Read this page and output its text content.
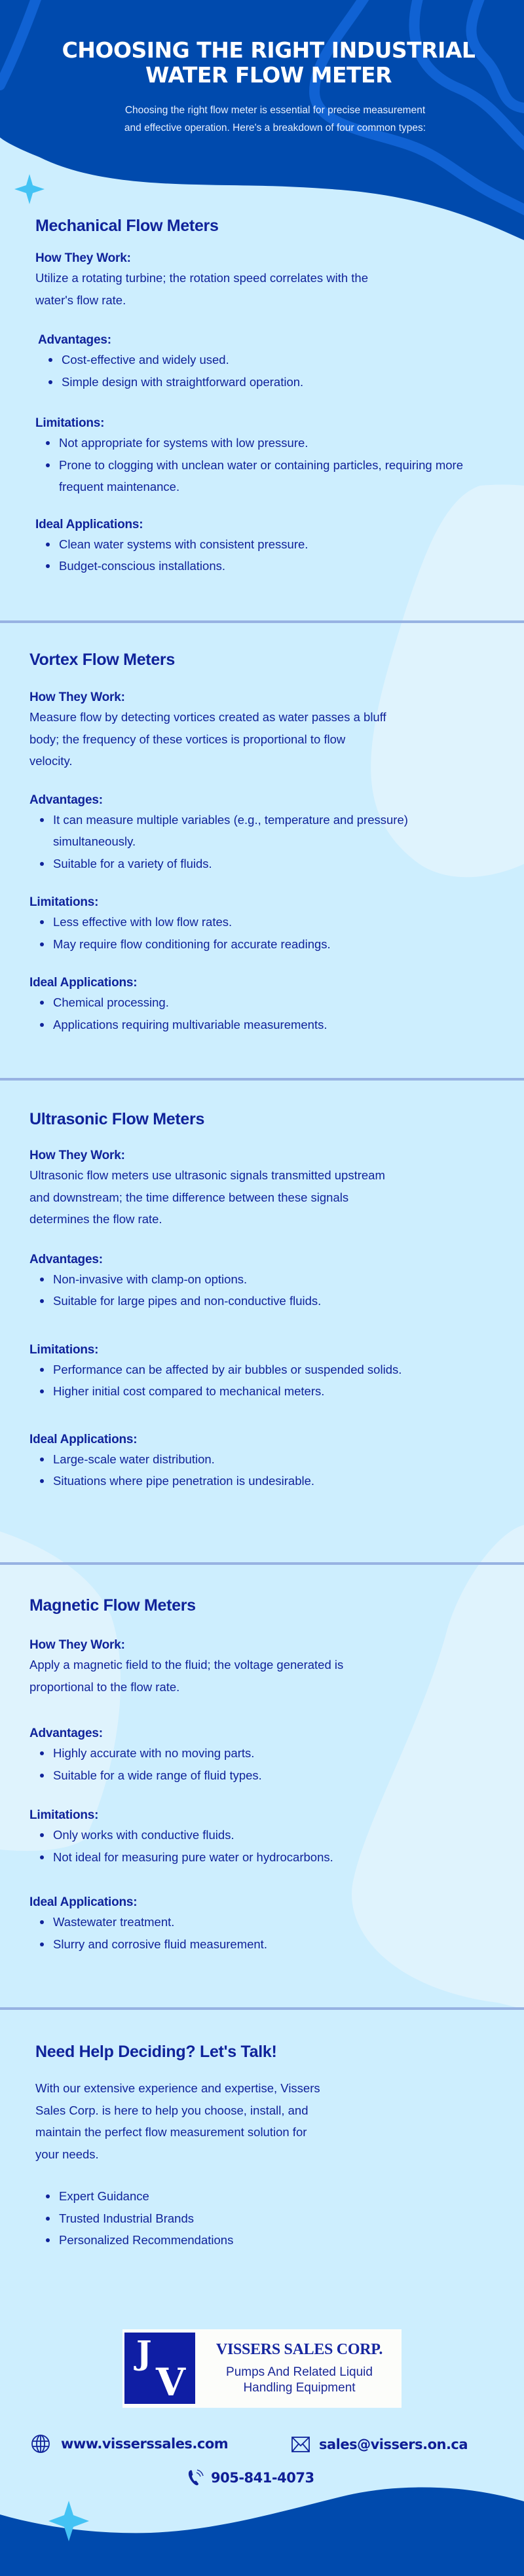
CHOOSING THE RIGHT INDUSTRIAL
WATER FLOW METER
Choosing the right flow meter is essential for precise measurement
and effective operation. Here's a breakdown of four common types:
Mechanical Flow Meters
How They Work:

Utilize a rotating turbine; the rotation speed correlates with the
water's flow rate.

Advantages:
Cost-effective and widely used.
Simple design with straightforward operation.
Limitations:
Not appropriate for systems with low pressure.
Prone to clogging with unclean water or containing particles, requiring more frequent maintenance.
Ideal Applications:
Clean water systems with consistent pressure.
Budget-conscious installations.
Vortex Flow Meters
How They Work:

Measure flow by detecting vortices created as water passes a bluff
body; the frequency of these vortices is proportional to flow
velocity.

Advantages:
It can measure multiple variables (e.g., temperature and pressure) simultaneously.
Suitable for a variety of fluids.
Limitations:
Less effective with low flow rates.
May require flow conditioning for accurate readings.
Ideal Applications:
Chemical processing.
Applications requiring multivariable measurements.
Ultrasonic Flow Meters
How They Work:

Ultrasonic flow meters use ultrasonic signals transmitted upstream
and downstream; the time difference between these signals
determines the flow rate.

Advantages:
Non-invasive with clamp-on options.
Suitable for large pipes and non-conductive fluids.
Limitations:
Performance can be affected by air bubbles or suspended solids.
Higher initial cost compared to mechanical meters.
Ideal Applications:
Large-scale water distribution.
Situations where pipe penetration is undesirable.
Magnetic Flow Meters
How They Work:

Apply a magnetic field to the fluid; the voltage generated is
proportional to the flow rate.

Advantages:
Highly accurate with no moving parts.
Suitable for a wide range of fluid types.
Limitations:
Only works with conductive fluids.
Not ideal for measuring pure water or hydrocarbons.
Ideal Applications:
Wastewater treatment.
Slurry and corrosive fluid measurement.
Need Help Deciding? Let's Talk!

With our extensive experience and expertise, Vissers
Sales Corp. is here to help you choose, install, and
maintain the perfect flow measurement solution for
your needs.

Expert Guidance
Trusted Industrial Brands
Personalized Recommendations
J
V
VISSERS SALES CORP.
Pumps And Related Liquid
Handling Equipment
www.visserssales.com	sales@vissers.on.ca
905-841-4073
